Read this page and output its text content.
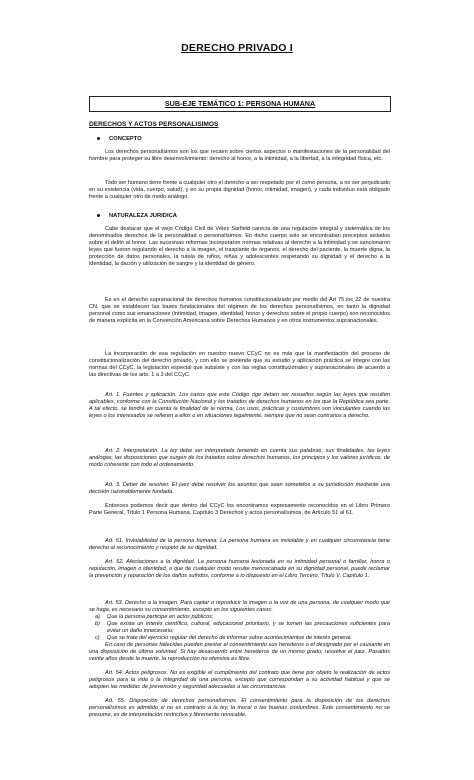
DERECHO PRIVADO I
SUB-EJE TEMÁTICO 1: PERSONA HUMANA
DERECHOS Y ACTOS PERSONALISIMOS
CONCEPTO
Los derechos personalísimos son los que recaen sobre ciertos aspectos o manifestaciones de la personalidad del hombre para proteger su libre desenvolvimiento: derecho al honor, a la intimidad, a la libertad, a la integridad física, etc.
Todo ser humano tiene frente a cualquier otro el derecho a ser respetado por él como persona, a no ser perjudicado en su existencia (vida, cuerpo, salud), y en su propia dignidad (honor, intimidad, imagen), y cada individuo está obligado frente a cualquier otro de modo análogo.
NATURALEZA JURIDICA
Cabe destacar que el viejo Código Civil de Vélez Sarfield carecía de una regulación integral y sistemática de los denominados derechos de la personalidad o personalísimos. En dicho cuerpo solo se encontraban preceptos aislados sobre el delito al honor. Las sucesivas reformas incorporaron normas relativas al derecho a la intimidad y se sancionaron leyes que fueron regulando el derecho a la imagen, el trasplante de órganos, el derecho del paciente, la muerte digna, la protección de datos personales, la tutela de niños, niñas y adolescentes respetando su dignidad y el derecho a la identidad, la dación y utilización de sangre y la identidad de género.
Es en el derecho supranacional de derechos humanos constitucionalizado por medio del Art 75 inc 22 de nuestra CN, que se establecen las bases fundacionales del régimen de los derechos personalísimos, en tanto la dignidad personal como sus emanaciones (intimidad, imagen, identidad, honor y derechos sobre el propio cuerpo) son reconocidos de manera explícita en la Convención Americana sobre Derechos Humanos y en otros instrumentos supranacionales.
La incorporación de esa regulación en nuestro nuevo CCyC no es más que la manifestación del proceso de constitucionalización del derecho privado, y con ello se pretende que su estudio y aplicación práctica se integre con las normas del CCyC, la legislación especial que subsiste y con las reglas constitucionales y supranacionales de acuerdo a las directivas de los arts. 1 a 3 del CCyC.
Art. 1. Fuentes y aplicación. Los casos que este Código rige deben ser resueltos según las leyes que resulten aplicables, conforme con la Constitución Nacional y los tratados de derechos humanos en los que la República sea parte. A tal efecto, se tendrá en cuenta la finalidad de la norma. Los usos, prácticas y costumbres son vinculantes cuando las leyes o los interesados se refieren a ellos o en situaciones legalmente, siempre que no sean contrarios a derecho.
Art. 2. Interpretación. La ley debe ser interpretada teniendo en cuenta sus palabras, sus finalidades, las leyes análogas, las disposiciones que surgen de los tratados sobre derechos humanos, los principios y los valores jurídicos, de modo coherente con todo el ordenamiento.
Art. 3. Deber de resolver. El juez debe resolver los asuntos que sean sometidos a su jurisdicción mediante una decisión razonablemente fundada.
Entonces podemos decir que dentro del CCyC los encontramos expresamente reconocidos en el Libro Primero Parte General, Título 1 Persona Humana, Capítulo 3 Derechos y actos personalísimos, de Artículo 51 al 61.
Art. 51. Inviolabilidad de la persona humana. La persona humana es inviolable y en cualquier circunstancia tiene derecho al reconocimiento y respeto de su dignidad.
Art. 52. Afectaciones a la dignidad. La persona humana lesionada en su intimidad personal o familiar, honra o reputación, imagen o identidad, o que de cualquier modo resulte menoscabada en su dignidad personal, puede reclamar la prevención y reparación de los daños sufridos, conforme a lo dispuesto en el Libro Tercero, Título V, Capítulo 1.
Art. 53. Derecho a la imagen. Para captar o reproducir la imagen o la voz de una persona, de cualquier modo que se haga, es necesario su consentimiento, excepto en los siguientes casos:
a)	Que la persona participe en actos públicos;
b)	Que exista un interés científico, cultural, educacional prioritario, y se tomen las precauciones suficientes para evitar un daño innecesario;
c)	Que se trate del ejercicio regular del derecho de informar sobre acontecimientos de interés general.
En caso de personas fallecidas pueden prestar el consentimiento sus herederos o el designado por el causante en una disposición de última voluntad. Si hay desacuerdo entre herederos de un mismo grado, resuelve el juez. Pasados veinte años desde la muerte, la reproducción no ofensiva es libre.
Art. 54. Actos peligrosos. No es exigible el cumplimiento del contrato que tiene por objeto la realización de actos peligrosos para la vida o la integridad de una persona, excepto que correspondan a su actividad habitual y que se adopten las medidas de prevención y seguridad adecuadas a las circunstancias.
Art. 55. Disposición de derechos personalísimos. El consentimiento para la disposición de los derechos personalísimos es admitido si no es contrario a la ley, la moral o las buenas costumbres. Este consentimiento no se presume, es de interpretación restrictiva y libremente revocable.
